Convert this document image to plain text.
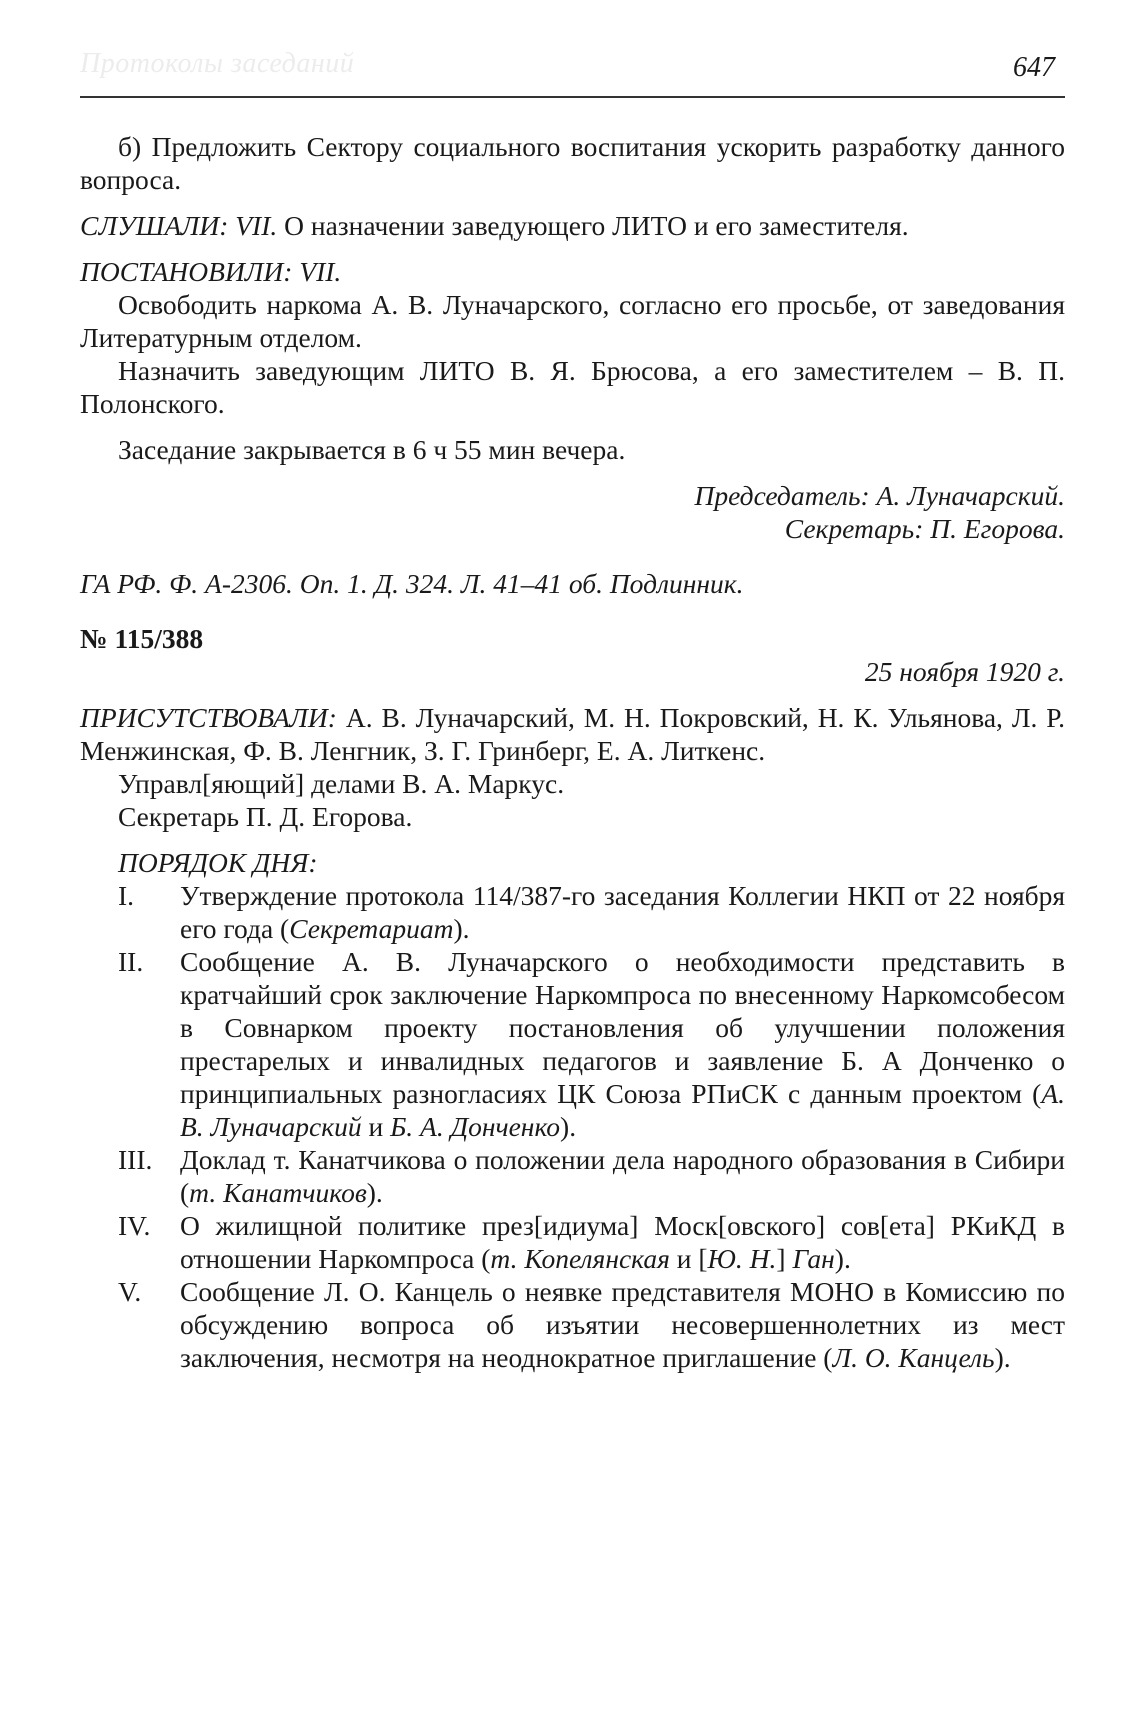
Протоколы заседаний	647

б) Предложить Сектору социального воспитания ускорить разработку данного вопроса.

СЛУШАЛИ: VII. О назначении заведующего ЛИТО и его заместителя.

ПОСТАНОВИЛИ: VII.

Освободить наркома А. В. Луначарского, согласно его просьбе, от заведования Литературным отделом.

Назначить заведующим ЛИТО В. Я. Брюсова, а его заместителем – В. П. Полонского.

Заседание закрывается в 6 ч 55 мин вечера.

Председатель: А. Луначарский.

Секретарь: П. Егорова.

ГА РФ. Ф. А-2306. Оп. 1. Д. 324. Л. 41–41 об. Подлинник.

№ 115/388

25 ноября 1920 г.

ПРИСУТСТВОВАЛИ: А. В. Луначарский, М. Н. Покровский, Н. К. Ульянова, Л. Р. Менжинская, Ф. В. Ленгник, З. Г. Гринберг, Е. А. Литкенс.

Управл[яющий] делами В. А. Маркус.

Секретарь П. Д. Егорова.

ПОРЯДОК ДНЯ:

I.	Утверждение протокола 114/387-го заседания Коллегии НКП от 22 ноября его года (Секретариат).
II.	Сообщение А. В. Луначарского о необходимости представить в кратчайший срок заключение Наркомпроса по внесенному Наркомсобесом в Совнарком проекту постановления об улучшении положения престарелых и инвалидных педагогов и заявление Б. А Донченко о принципиальных разногласиях ЦК Союза РПиСК с данным проектом (А. В. Луначарский и Б. А. Донченко).
III.	Доклад т. Канатчикова о положении дела народного образования в Сибири (т. Канатчиков).
IV.	О жилищной политике през[идиума] Моск[овского] сов[ета] РКиКД в отношении Наркомпроса (т. Копелянская и [Ю. Н.] Ган).
V.	Сообщение Л. О. Канцель о неявке представителя МОНО в Комиссию по обсуждению вопроса об изъятии несовершеннолетних из мест заключения, несмотря на неоднократное приглашение (Л. О. Канцель).
